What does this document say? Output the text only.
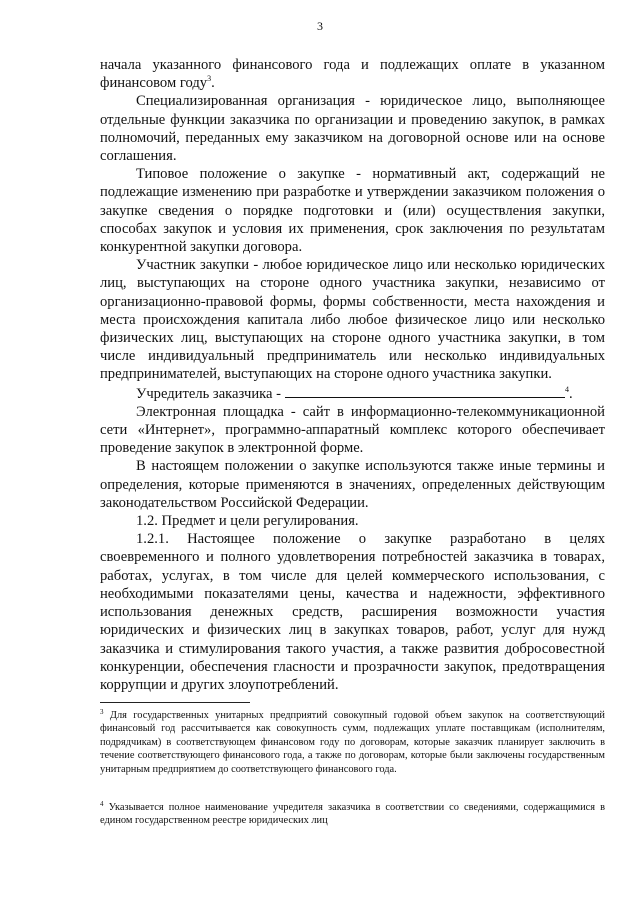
3

начала указанного финансового года и подлежащих оплате в указанном финансовом году$^3$.

Специализированная организация - юридическое лицо, выполняющее отдельные функции заказчика по организации и проведению закупок, в рамках полномочий, переданных ему заказчиком на договорной основе или на основе соглашения.

Типовое положение о закупке - нормативный акт, содержащий не подлежащие изменению при разработке и утверждении заказчиком положения о закупке сведения о порядке подготовки и (или) осуществления закупки, способах закупок и условия их применения, срок заключения по результатам конкурентной закупки договора.

Участник закупки - любое юридическое лицо или несколько юридических лиц, выступающих на стороне одного участника закупки, независимо от организационно-правовой формы, формы собственности, места нахождения и места происхождения капитала либо любое физическое лицо или несколько физических лиц, выступающих на стороне одного участника закупки, в том числе индивидуальный предприниматель или несколько индивидуальных предпринимателей, выступающих на стороне одного участника закупки.

Учредитель заказчика -	$^4$.

Электронная площадка - сайт в информационно-телекоммуникационной сети «Интернет», программно-аппаратный комплекс которого обеспечивает проведение закупок в электронной форме.

В настоящем положении о закупке используются также иные термины и определения, которые применяются в значениях, определенных действующим законодательством Российской Федерации.

1.2. Предмет и цели регулирования.

1.2.1. Настоящее положение о закупке разработано в целях своевременного и полного удовлетворения потребностей заказчика в товарах, работах, услугах, в том числе для целей коммерческого использования, с необходимыми показателями цены, качества и надежности, эффективного использования денежных средств, расширения возможности участия юридических и физических лиц в закупках товаров, работ, услуг для нужд заказчика и стимулирования такого участия, а также развития добросовестной конкуренции, обеспечения гласности и прозрачности закупок, предотвращения коррупции и других злоупотреблений.

$^3$ Для государственных унитарных предприятий совокупный годовой объем закупок на соответствующий финансовый год рассчитывается как совокупность сумм, подлежащих уплате поставщикам (исполнителям, подрядчикам) в соответствующем финансовом году по договорам, которые заказчик планирует заключить в течение соответствующего финансового года, а также по договорам, которые были заключены государственным унитарным предприятием до соответствующего финансового года.
$^4$ Указывается полное наименование учредителя заказчика в соответствии со сведениями, содержащимися в едином государственном реестре юридических лиц
